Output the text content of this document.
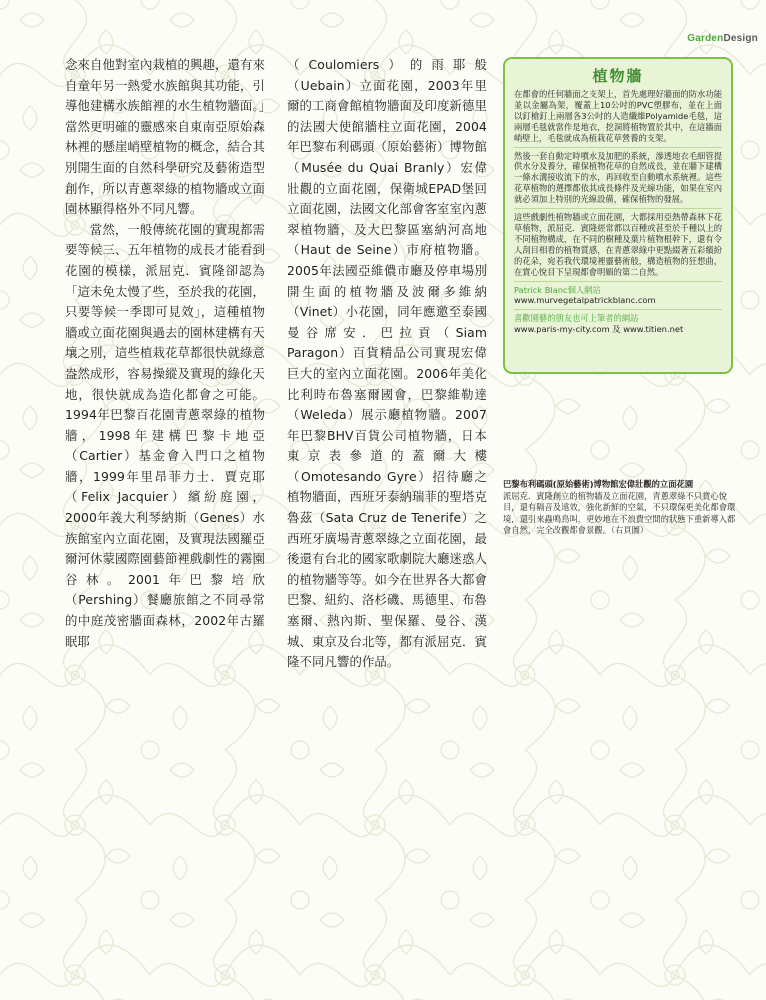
GardenDesign

念來自他對室內栽植的興趣，還有來自童年另一熱愛水族館與其功能，引導他建構水族館裡的水生植物牆面。」當然更明確的靈感來自東南亞原始森林裡的懸崖峭壁植物的概念，結合其別開生面的自然科學研究及藝術造型創作，所以青蔥翠綠的植物牆或立面園林顯得格外不同凡響。

當然，一般傳統花園的實現都需要等候三、五年植物的成長才能看到花園的模樣，派屈克．賓隆卻認為「這未免太慢了些，至於我的花園，只要等候一季即可見效」，這種植物牆或立面花園與過去的園林建構有天壤之別，這些植栽花草都很快就綠意盎然成形，容易操縱及實現的綠化天地，很快就成為造化都會之可能。1994年巴黎百花園青蔥翠綠的植物牆，1998年建構巴黎卡地亞（Cartier）基金會入門口之植物牆，1999年里昂菲力士．賈克耶（Felix Jacquier）繽紛庭園，2000年義大利琴納斯（Genes）水族館室內立面花園，及實現法國羅亞爾河休蒙國際園藝節裡戲劇性的霧園谷林。2001年巴黎培欣（Pershing）餐廳旅館之不同尋常的中庭茂密牆面森林，2002年古羅眠耶

（Coulomiers）的雨耶般（Uebain）立面花園，2003年里爾的工商會館植物牆面及印度新德里的法國大使館牆柱立面花園，2004年巴黎布利碼頭（原始藝術）博物館（Musée du Quai Branly）宏偉壯觀的立面花園，保衛城EPAD堡回立面花園，法國文化部會客室室內蔥翠植物牆，及大巴黎區塞納河高地（Haut de Seine）市府植物牆。2005年法國亞維儂市廳及停車場別開生面的植物牆及波爾多維納（Vinet）小花園，同年應邀至泰國曼谷席安．巴拉貢（Siam Paragon）百貨精品公司實現宏偉巨大的室內立面花園。2006年美化比利時布魯塞爾國會，巴黎維勒達（Weleda）展示廳植物牆。2007年巴黎BHV百貨公司植物牆，日本東京表參道的蓋爾大樓（Omotesando Gyre）招待廳之植物牆面，西班牙泰納瑞菲的聖塔克魯茲（Sata Cruz de Tenerife）之西班牙廣場青蔥翠綠之立面花園，最後還有台北的國家歌劇院大廳迷惑人的植物牆等等。如今在世界各大都會巴黎、紐約、洛杉磯、馬德里、布魯塞爾、熱內斯、聖保羅、曼谷、漢城、東京及台北等，都有派屈克．賓隆不同凡響的作品。

植物牆

在都會的任何牆面之支架上，首先處理好牆面的防水功能並以金屬為架，覆蓋上10公吋的PVC塑膠布，並在上面以釘槍釘上兩層各3公吋的人造纖維Polyamide毛毯，這兩層毛毯就當作是地衣，挖洞將植物置於其中，在這牆面峭壁上，毛毯就成為植栽花草營養的支架。

然後一套自動定時噴水及加肥的系統，滲透地衣毛細管提供水分及養分，確保植物花草的自然成長，並在牆下建構一條水溝接收流下的水，再回收至自動噴水系統裡。這些花草植物的選擇都依其成長條件及光線功能，如果在室內就必須加上特別的光線設備，確保植物的發展。

這些戲劇性植物牆或立面花園，大都採用亞熱帶森林下花草植物，派屈克．賓隆經常都以百種或甚至於千種以上的不同植物構成，在不同的樹種及葉片植物根幹下，還有令人刮目相看的植物質感，在青蔥翠綠中更點綴著五彩繽紛的花朵，宛若我代環境裡靈藝術般，構造植物的狂想曲，在賞心悅目下呈現都會明媚的第二自然。

Patrick Blanc個人網站

www.murvegetalpatrickblanc.com

喜歡園藝的朋友也可上筆者的網站

www.paris-my-city.com 及 www.titien.net

巴黎布利碼頭(原始藝術)博物館宏偉壯觀的立面花園

派屈克．賓隆創立的植物牆及立面花園，青蔥翠綠不只賞心悅目，還有隔音及遠效，強化新鮮的空氣，不只環保更美化都會環境，還引來蟲鳴鳥叫，更妙地在不浪費空間的狀態下重新導入都會自然，完全改觀都會景觀。（右頁圖）
